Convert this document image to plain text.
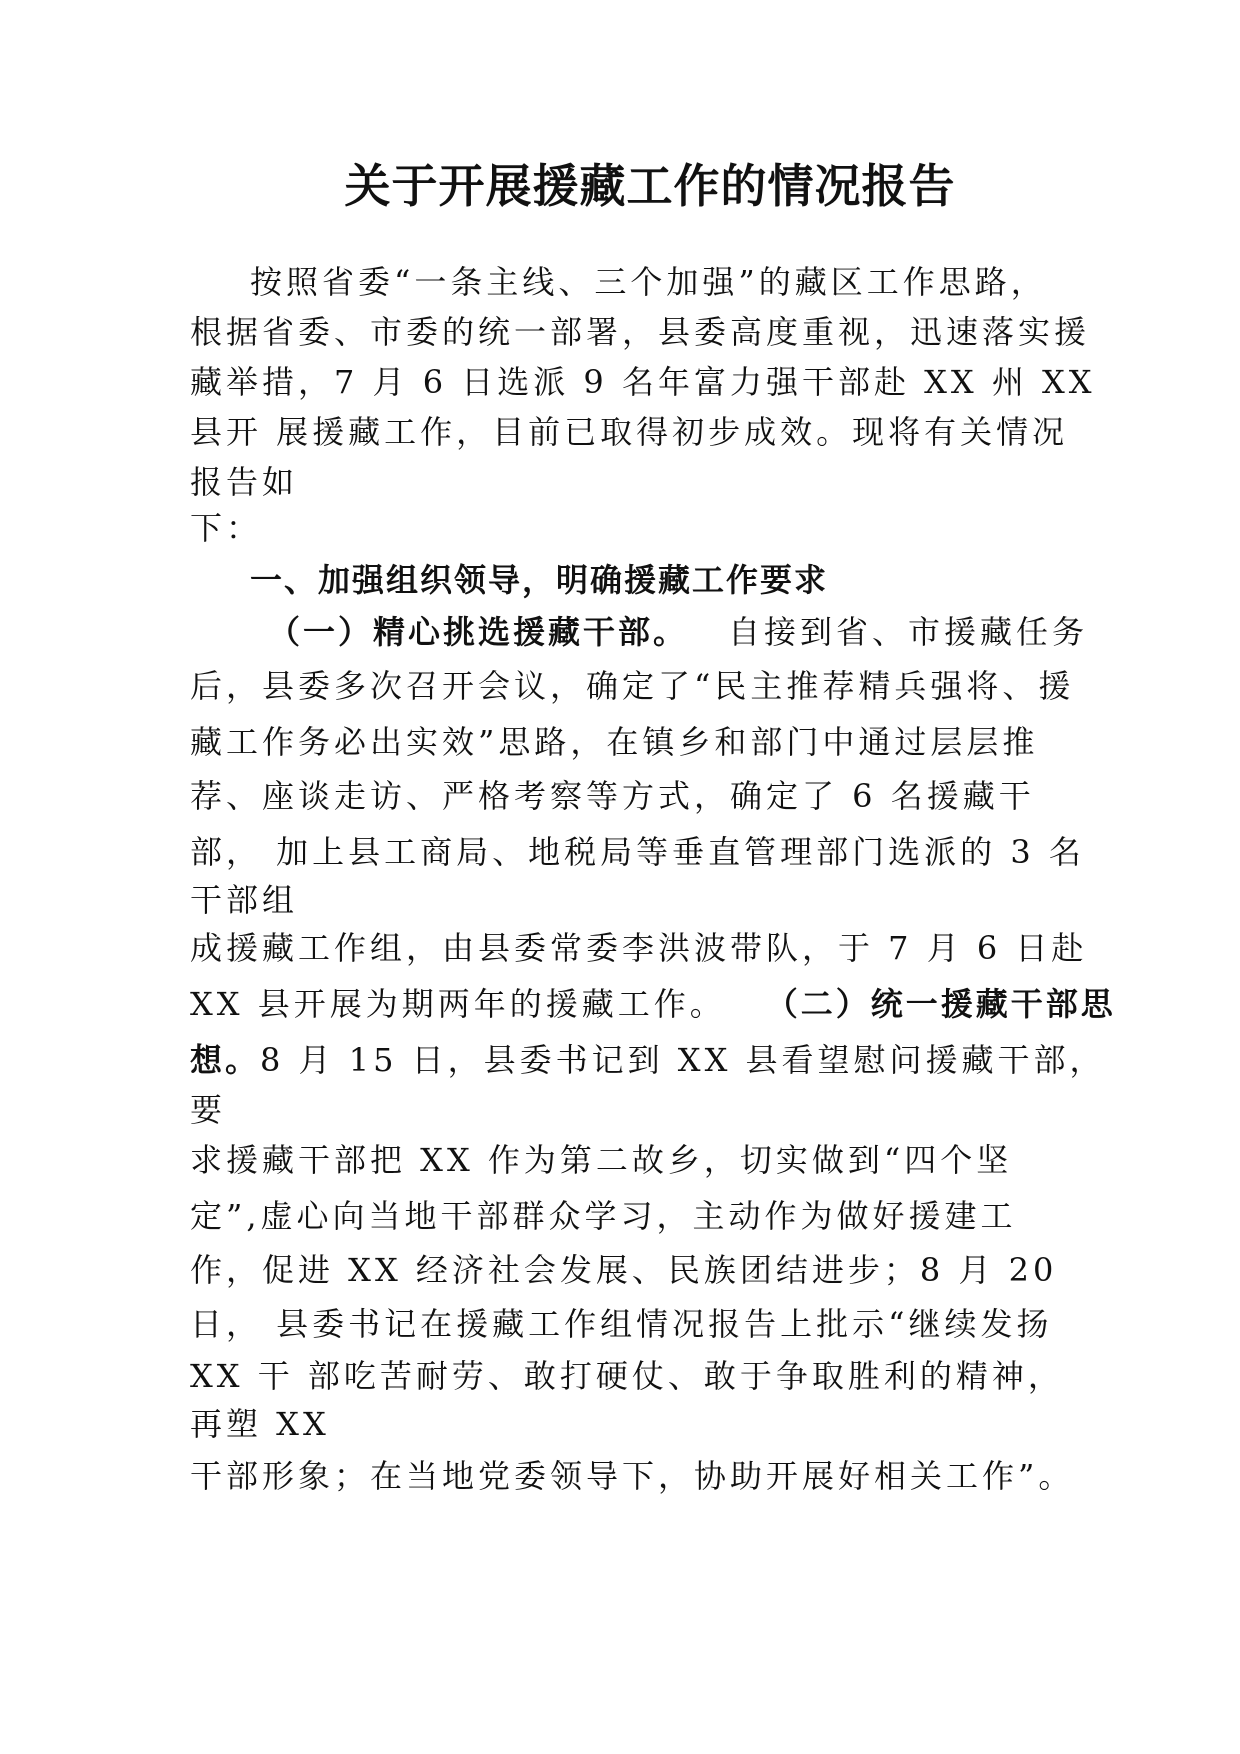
关于开展援藏工作的情况报告
按照省委“一条主线、三个加强”的藏区工作思路，
根据省委、市委的统一部署，县委高度重视，迅速落实援
藏举措，7 月 6 日选派 9 名年富力强干部赴 XX 州 XX
县开 展援藏工作，目前已取得初步成效。现将有关情况
报告如
下：
一、加强组织领导，明确援藏工作要求
（一）精心挑选援藏干部。 自接到省、市援藏任务
后，县委多次召开会议，确定了“民主推荐精兵强将、援
藏工作务必出实效”思路，在镇乡和部门中通过层层推
荐、座谈走访、严格考察等方式，确定了 6 名援藏干
部， 加上县工商局、地税局等垂直管理部门选派的 3 名
干部组
成援藏工作组，由县委常委李洪波带队，于 7 月 6 日赴
XX 县开展为期两年的援藏工作。 （二）统一援藏干部思
想。8 月 15 日，县委书记到 XX 县看望慰问援藏干部，
要
求援藏干部把 XX 作为第二故乡，切实做到“四个坚
定”,虚心向当地干部群众学习，主动作为做好援建工
作，促进 XX 经济社会发展、民族团结进步；8 月 20
日， 县委书记在援藏工作组情况报告上批示“继续发扬
XX 干 部吃苦耐劳、敢打硬仗、敢于争取胜利的精神，
再塑 XX
干部形象；在当地党委领导下，协助开展好相关工作”。
